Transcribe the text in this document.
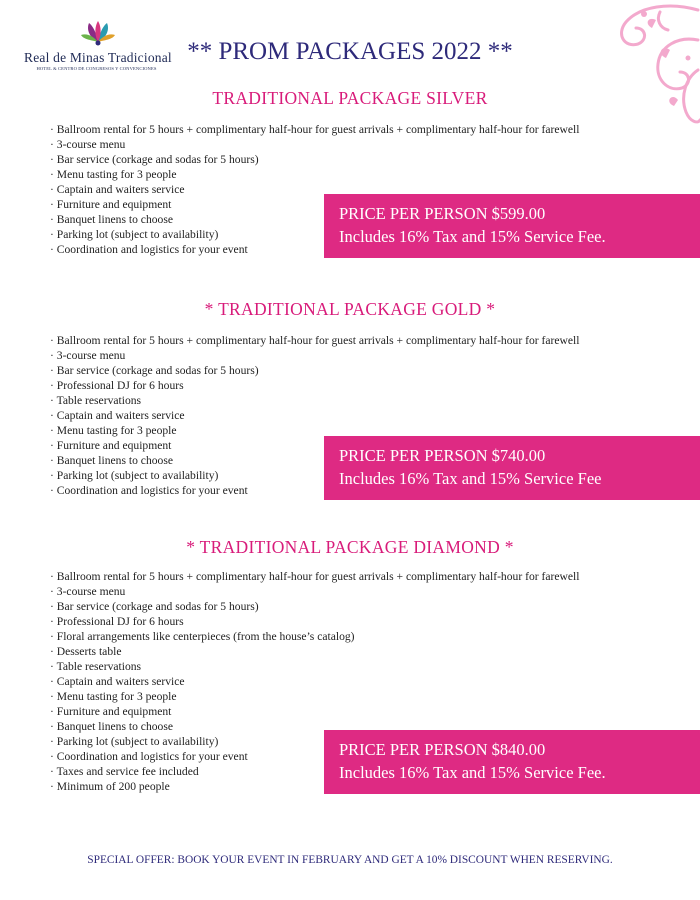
Real de Minas Tradicional
HOTEL & CENTRO DE CONGRESOS Y CONVENCIONES
** PROM PACKAGES 2022 **
TRADITIONAL PACKAGE SILVER
· Ballroom rental for 5 hours + complimentary half-hour for guest arrivals + complimentary half-hour for farewell
· 3-course menu
· Bar service (corkage and sodas for 5 hours)
· Menu tasting for 3 people
· Captain and waiters service
· Furniture and equipment
· Banquet linens to choose
· Parking lot (subject to availability)
· Coordination and logistics for your event
PRICE PER PERSON $599.00
Includes 16% Tax and 15% Service Fee.
* TRADITIONAL PACKAGE GOLD *
· Ballroom rental for 5 hours + complimentary half-hour for guest arrivals + complimentary half-hour for farewell
· 3-course menu
· Bar service (corkage and sodas for 5 hours)
· Professional DJ for 6 hours
· Table reservations
· Captain and waiters service
· Menu tasting for 3 people
· Furniture and equipment
· Banquet linens to choose
· Parking lot (subject to availability)
· Coordination and logistics for your event
PRICE PER PERSON $740.00
Includes 16% Tax and 15% Service Fee
* TRADITIONAL PACKAGE DIAMOND *
· Ballroom rental for 5 hours + complimentary half-hour for guest arrivals + complimentary half-hour for farewell
· 3-course menu
· Bar service (corkage and sodas for 5 hours)
· Professional DJ for 6 hours
· Floral arrangements like centerpieces (from the house’s catalog)
· Desserts table
· Table reservations
· Captain and waiters service
· Menu tasting for 3 people
· Furniture and equipment
· Banquet linens to choose
· Parking lot (subject to availability)
· Coordination and logistics for your event
· Taxes and service fee included
· Minimum of 200 people
PRICE PER PERSON $840.00
Includes 16% Tax and 15% Service Fee.
SPECIAL OFFER: BOOK YOUR EVENT IN FEBRUARY AND GET A 10% DISCOUNT WHEN RESERVING.
